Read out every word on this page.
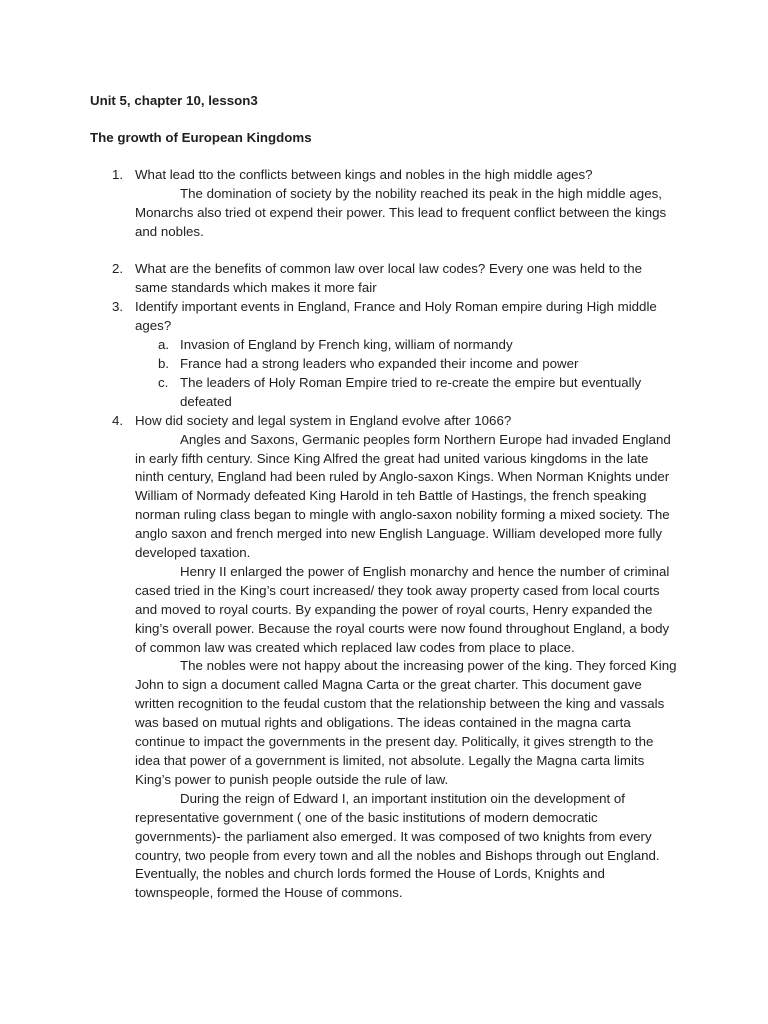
Unit 5, chapter 10, lesson3

The growth of European Kingdoms

1. What lead tto the conflicts between kings and nobles in the high middle ages?

The domination of society by the nobility reached its peak in the high middle ages, Monarchs also tried ot expend their power. This lead to frequent conflict between the kings and nobles.

2. What are the benefits of common law over local law codes? Every one was held to the same standards which makes it more fair
3. Identify important events in England, France and Holy Roman empire during High middle ages?
a. Invasion of England by French king, william of normandy
b. France had a strong leaders who expanded their income and power
c. The leaders of Holy Roman Empire tried to re-create the empire but eventually defeated
4. How did society and legal system in England evolve after 1066?

Angles and Saxons, Germanic peoples form Northern Europe had invaded England in early fifth century. Since King Alfred the great had united various kingdoms in the late ninth century, England had been ruled by Anglo-saxon Kings. When Norman Knights under William of Normady defeated King Harold in teh Battle of Hastings, the french speaking norman ruling class began to mingle with anglo-saxon nobility forming a mixed society. The anglo saxon and french merged into new English Language. William developed more fully developed taxation.

Henry II enlarged the power of English monarchy and hence the number of criminal cased tried in the King’s court increased/ they took away property cased from local courts and moved to royal courts. By expanding the power of royal courts, Henry expanded the king’s overall power. Because the royal courts were now found throughout England, a body of common law was created which replaced law codes from place to place.

The nobles were not happy about the increasing power of the king. They forced King John to sign a document called Magna Carta or the great charter. This document gave written recognition to the feudal custom that the relationship between the king and vassals was based on mutual rights and obligations. The ideas contained in the magna carta continue to impact the governments in the present day. Politically, it gives strength to the idea that power of a government is limited, not absolute. Legally the Magna carta limits King’s power to punish people outside the rule of law.

During the reign of Edward I, an important institution oin the development of representative government ( one of the basic institutions of modern democratic governments)- the parliament also emerged. It was composed of two knights from every country, two people from every town and all the nobles and Bishops through out England. Eventually, the nobles and church lords formed the House of Lords, Knights and townspeople, formed the House of commons.
